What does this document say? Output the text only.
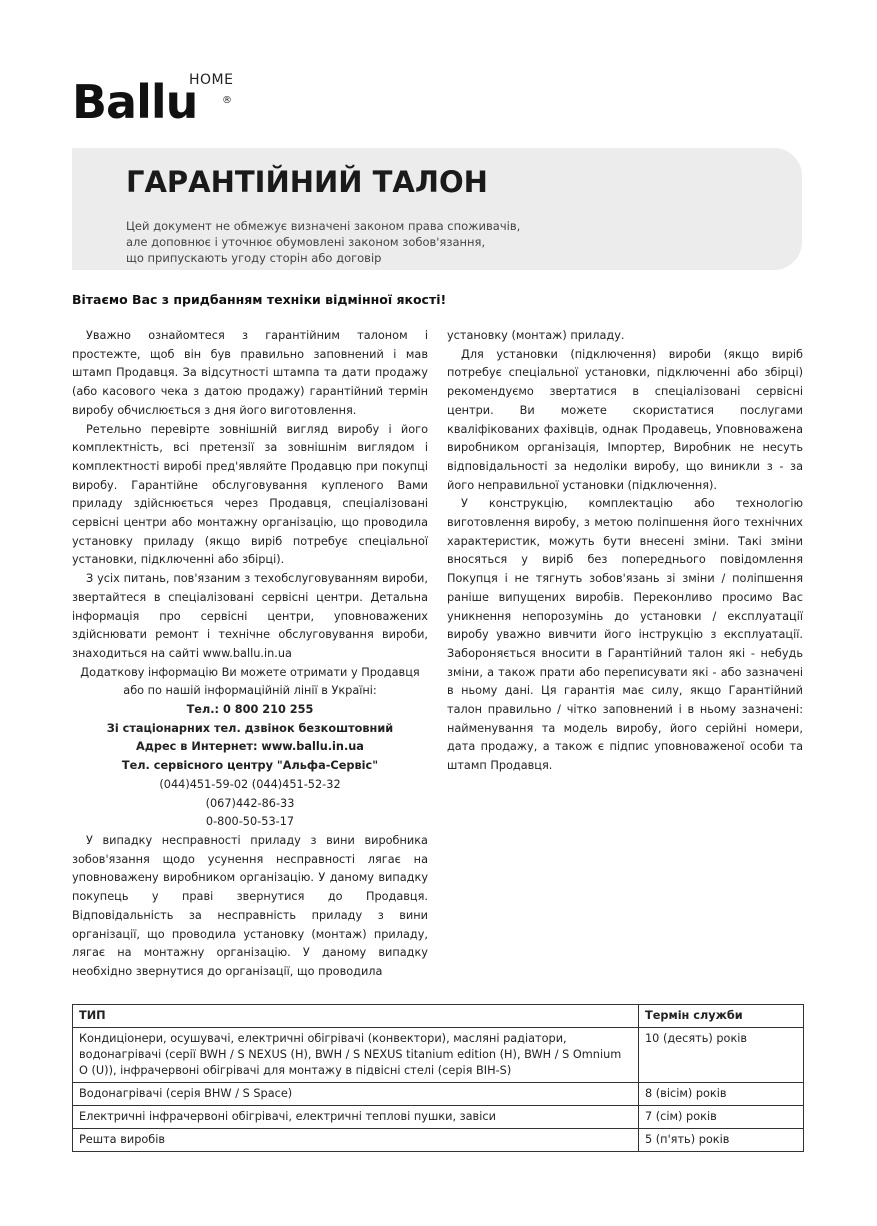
Ballu
HOME
®
ГАРАНТІЙНИЙ ТАЛОН
Цей документ не обмежує визначені законом права споживачів,
але доповнює і уточнює обумовлені законом зобов'язання,
що припускають угоду сторін або договір
Вітаємо Вас з придбанням техніки відмінної якості!

Уважно ознайомтеся з гарантійним талоном і простежте, щоб він був правильно заповнений і мав штамп Продавця. За відсутності штампа та дати продажу (або касового чека з датою продажу) гарантійний термін виробу обчислюється з дня його виготовлення.

Ретельно перевірте зовнішній вигляд виробу і його комплектність, всі претензії за зовнішнім виглядом і комплектності виробі пред'являйте Продавцю при покупці виробу. Гарантійне обслуговування купленого Вами приладу здійснюється через Продавця, спеціалізовані сервісні центри або монтажну організацію, що проводила установку приладу (якщо виріб потребує спеціальної установки, підключенні або збірці).

З усіх питань, пов'язаним з техобслуговуванням вироби, звертайтеся в спеціалізовані сервісні центри. Детальна інформація про сервісні центри, уповноважених здійснювати ремонт і технічне обслуговування вироби, знаходиться на сайті www.ballu.in.ua

Додаткову інформацію Ви можете отримати у Продавця

або по нашій інформаційній лінії в Україні:

Тел.: 0 800 210 255

Зі стаціонарних тел. дзвінок безкоштовний

Адрес в Интернет: www.ballu.in.ua

Тел. сервісного центру "Альфа-Сервіс"

(044)451-59-02 (044)451-52-32

(067)442-86-33

0-800-50-53-17

У випадку несправності приладу з вини виробника зобов'язання щодо усунення несправності лягає на уповноважену виробником організацію. У даному випадку покупець у праві звернутися до Продавця. Відповідальність за несправність приладу з вини організації, що проводила установку (монтаж) приладу, лягає на монтажну організацію. У даному випадку необхідно звернутися до організації, що проводила

установку (монтаж) приладу.

Для установки (підключення) вироби (якщо виріб потребує спеціальної установки, підключенні або збірці) рекомендуємо звертатися в спеціалізовані сервісні центри. Ви можете скористатися послугами кваліфікованих фахівців, однак Продавець, Уповноважена виробником організація, Імпортер, Виробник не несуть відповідальності за недоліки виробу, що виникли з - за його неправильної установки (підключення).

У конструкцію, комплектацію або технологію виготовлення виробу, з метою поліпшення його технічних характеристик, можуть бути внесені зміни. Такі зміни вносяться у виріб без попереднього повідомлення Покупця і не тягнуть зобов'язань зі зміни / поліпшення раніше випущених виробів. Переконливо просимо Вас уникнення непорозумінь до установки / експлуатації виробу уважно вивчити його інструкцію з експлуатації. Забороняється вносити в Гарантійний талон які - небудь зміни, а також прати або переписувати які - або зазначені в ньому дані. Ця гарантія має силу, якщо Гарантійний талон правильно / чітко заповнений і в ньому зазначені: найменування та модель виробу, його серійні номери, дата продажу, а також є підпис уповноваженої особи та штамп Продавця.

ТИП	Термін служби
Кондиціонери, осушувачі, електричні обігрівачі (конвектори), масляні радіатори, водонагрівачі (серії BWH / S NEXUS (H), BWH / S NEXUS titanium edition (H), BWH / S Omnium O (U)), інфрачервоні обігрівачі для монтажу в підвісні стелі (серія BIH-S)	10 (десять) років
Водонагрівачі (серія BHW / S Space)	8 (вісім) років
Електричні інфрачервоні обігрівачі, електричні теплові пушки, завіси	7 (сім) років
Решта виробів	5 (п'ять) років
